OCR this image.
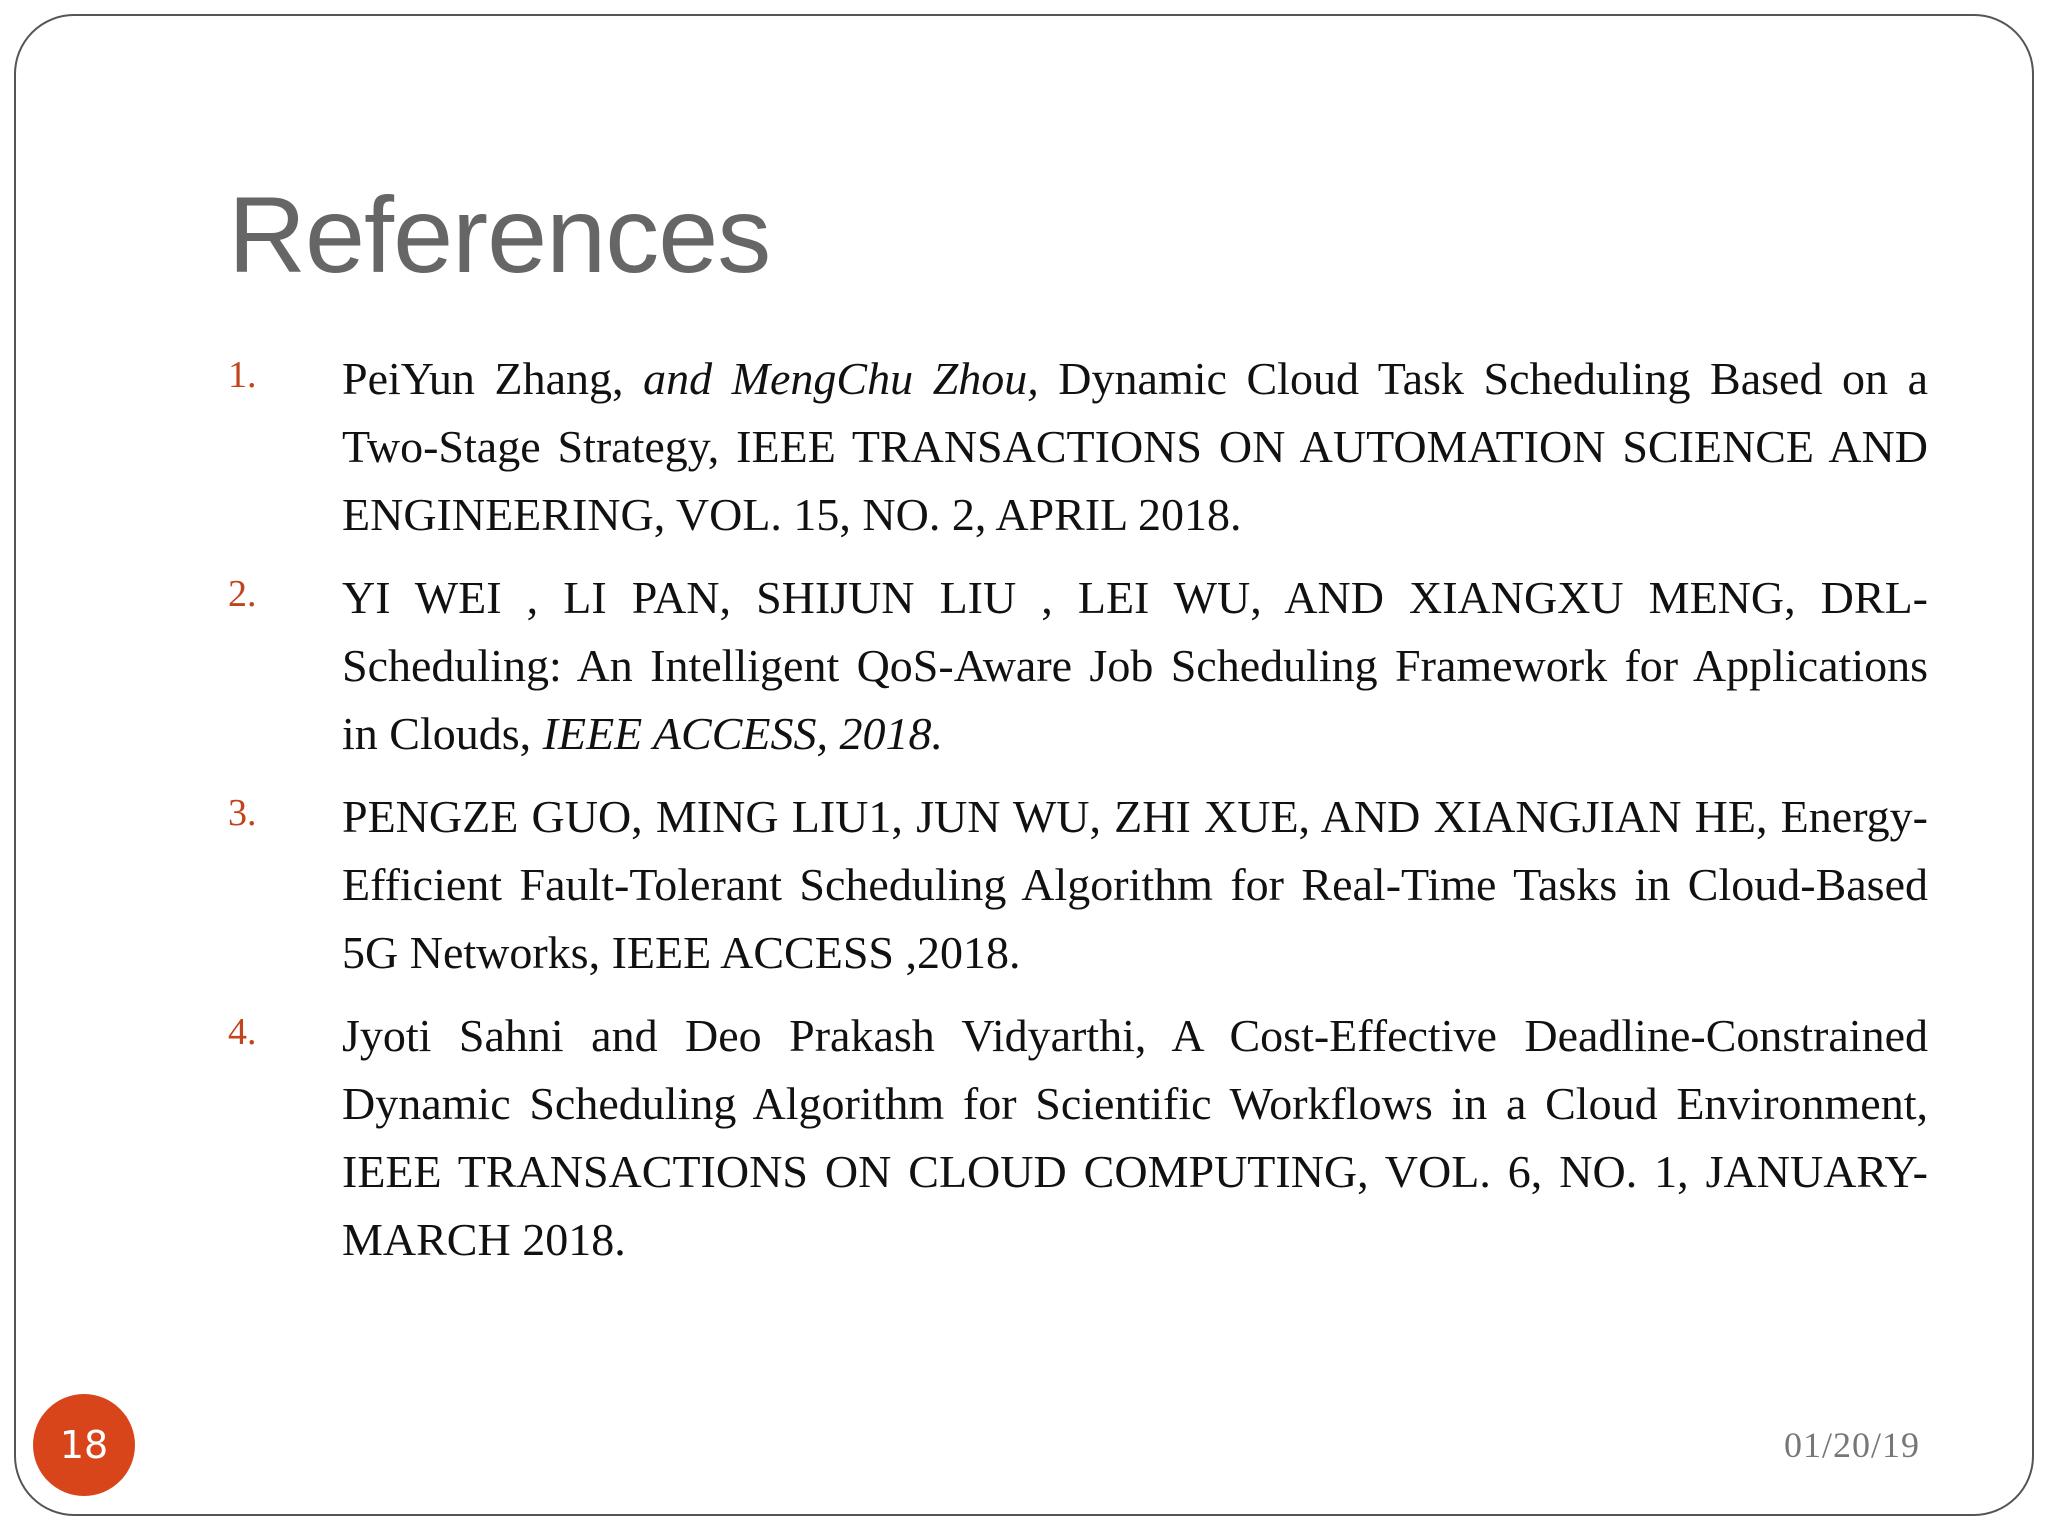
References
1. PeiYun Zhang, and MengChu Zhou, Dynamic Cloud Task Scheduling Based on a Two-Stage Strategy, IEEE TRANSACTIONS ON AUTOMATION SCIENCE AND ENGINEERING, VOL. 15, NO. 2, APRIL 2018.
2. YI WEI , LI PAN, SHIJUN LIU , LEI WU, AND XIANGXU MENG, DRL-Scheduling: An Intelligent QoS-Aware Job Scheduling Framework for Applications in Clouds, IEEE ACCESS, 2018.
3. PENGZE GUO, MING LIU1, JUN WU, ZHI XUE, AND XIANGJIAN HE, Energy-Efficient Fault-Tolerant Scheduling Algorithm for Real-Time Tasks in Cloud-Based 5G Networks, IEEE ACCESS ,2018.
4. Jyoti Sahni and Deo Prakash Vidyarthi, A Cost-Effective Deadline-Constrained Dynamic Scheduling Algorithm for Scientific Workflows in a Cloud Environment, IEEE TRANSACTIONS ON CLOUD COMPUTING, VOL. 6, NO. 1, JANUARY-MARCH 2018.
18	01/20/19
